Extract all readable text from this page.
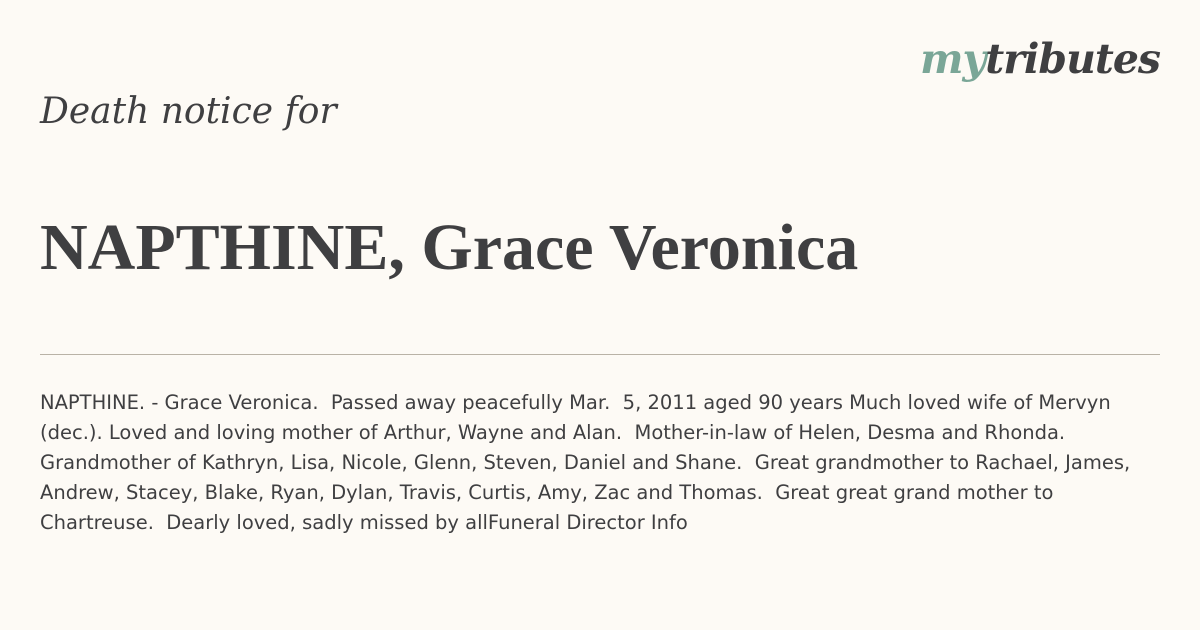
mytributes
Death notice for
NAPTHINE, Grace Veronica

NAPTHINE. - Grace Veronica.  Passed away peacefully Mar.  5, 2011 aged 90 years Much loved wife of Mervyn (dec.). Loved and loving mother of Arthur, Wayne and Alan.  Mother-in-law of Helen, Desma and Rhonda.  Grandmother of Kathryn, Lisa, Nicole, Glenn, Steven, Daniel and Shane.  Great grandmother to Rachael, James, Andrew, Stacey, Blake, Ryan, Dylan, Travis, Curtis, Amy, Zac and Thomas.  Great great grand mother to Chartreuse.  Dearly loved, sadly missed by allFuneral Director Info
